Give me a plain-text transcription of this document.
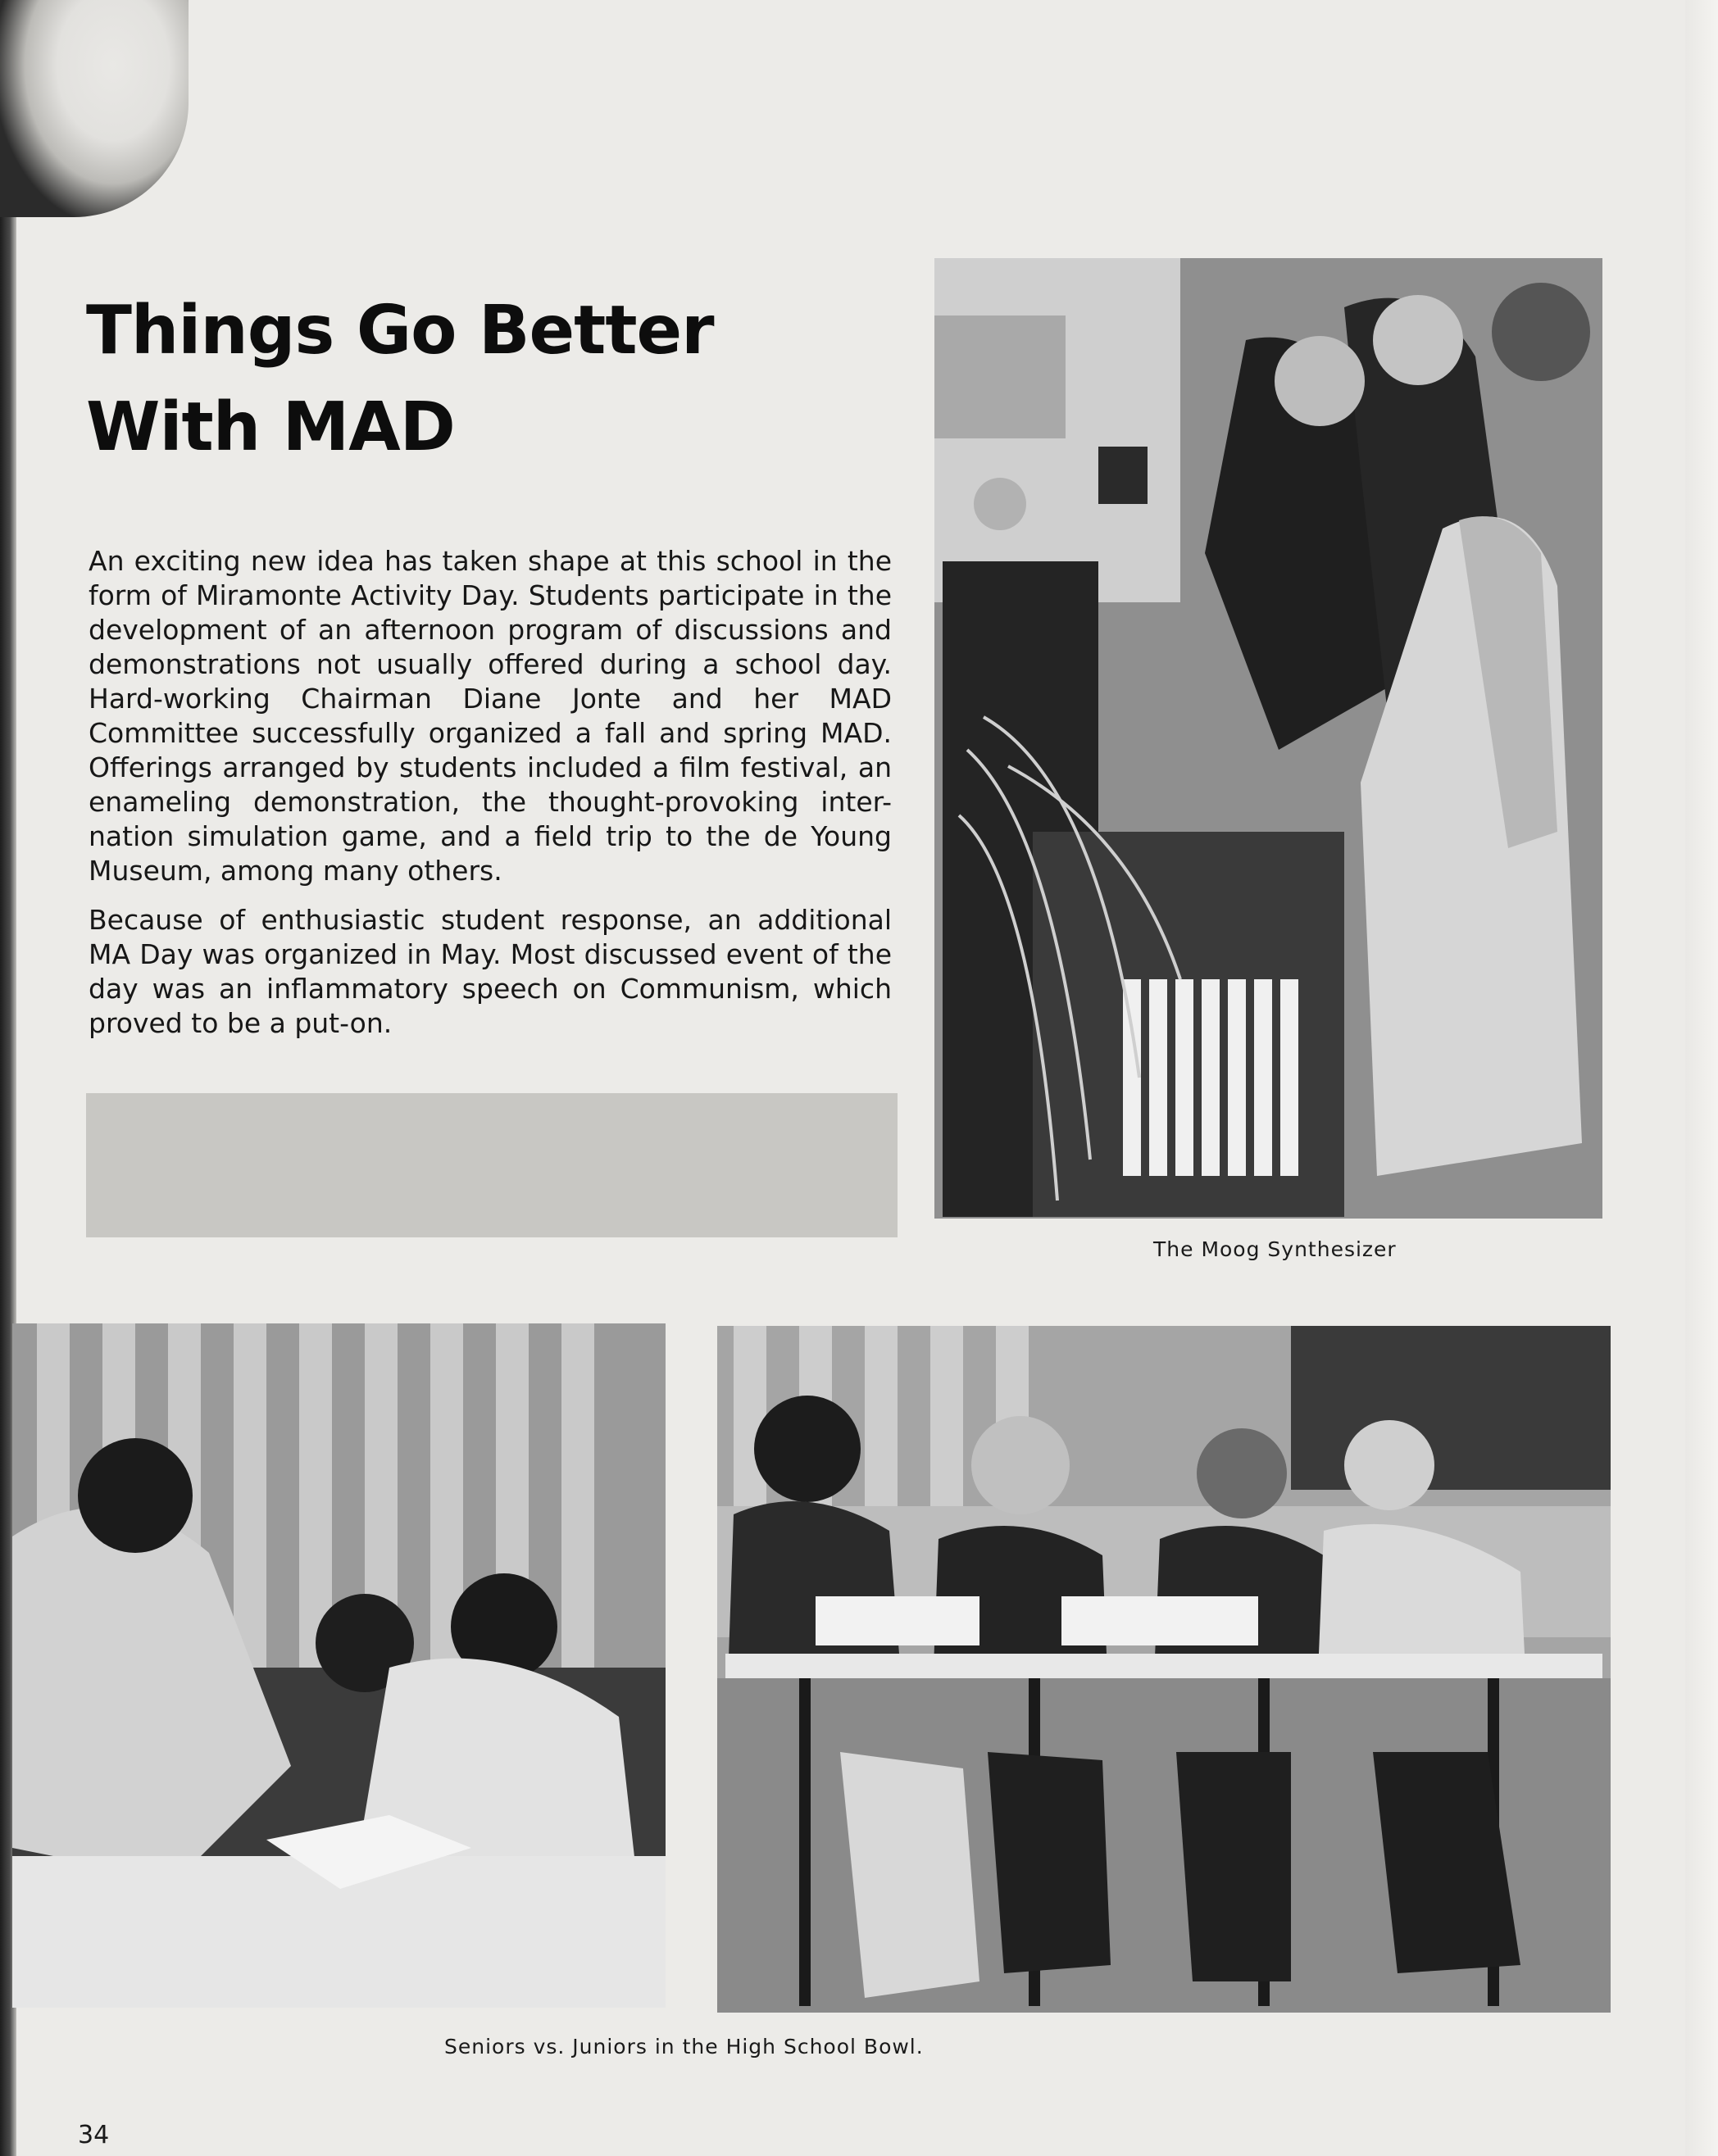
Things Go Better
With MAD

An exciting new idea has taken shape at this school in the form of Miramonte Activity Day. Students participate in the development of an afternoon program of discussions and demonstrations not usually offered during a school day. Hard-working Chairman Diane Jonte and her MAD Committee successfully organized a fall and spring MAD. Offerings arranged by students included a film festival, an enameling demonstration, the thought-provoking inter-nation simulation game, and a field trip to the de Young Museum, among many others.

Because of enthusiastic student response, an additional MA Day was organized in May. Most discussed event of the day was an inflammatory speech on Communism, which proved to be a put-on.

The Moog Synthesizer
Seniors vs. Juniors in the High School Bowl.
34
